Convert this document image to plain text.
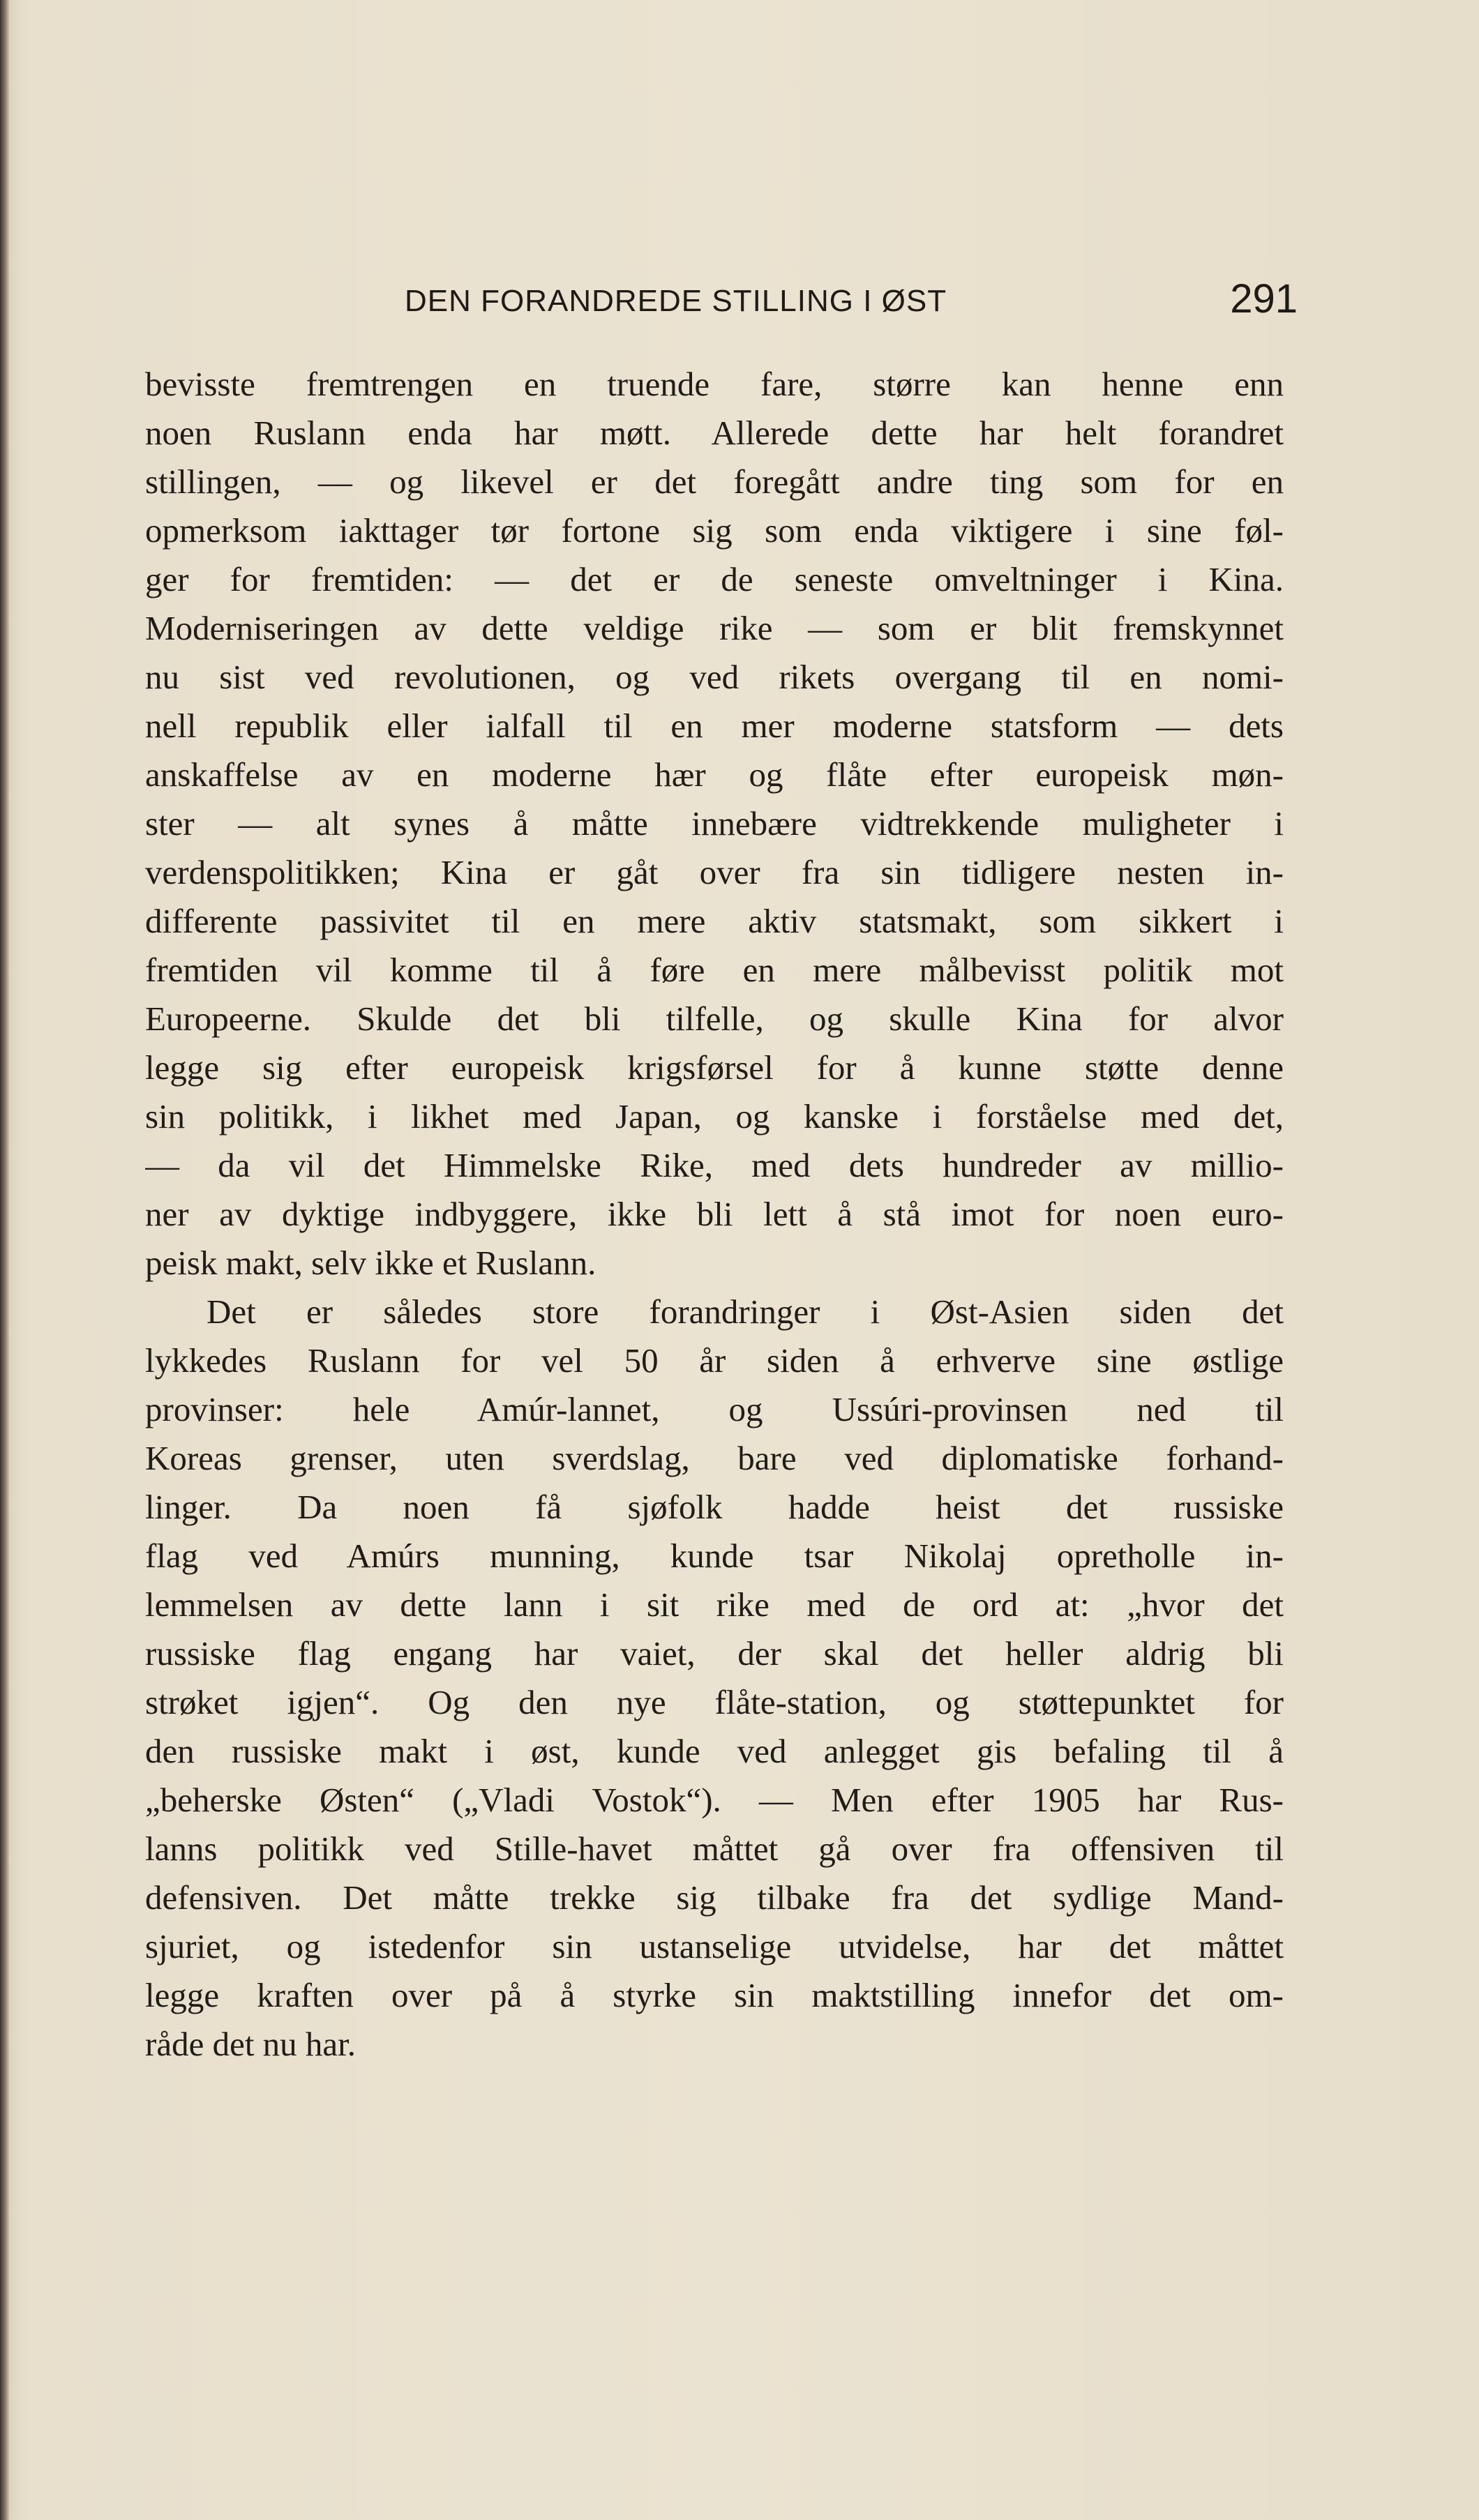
DEN FORANDREDE STILLING I ØST	291
bevisste fremtrengen en truende fare, større kan henne enn
noen Ruslann enda har møtt. Allerede dette har helt forandret
stillingen, — og likevel er det foregått andre ting som for en
opmerksom iakttager tør fortone sig som enda viktigere i sine føl-
ger for fremtiden: — det er de seneste omveltninger i Kina.
Moderniseringen av dette veldige rike — som er blit fremskynnet
nu sist ved revolutionen, og ved rikets overgang til en nomi-
nell republik eller ialfall til en mer moderne statsform — dets
anskaffelse av en moderne hær og flåte efter europeisk møn-
ster — alt synes å måtte innebære vidtrekkende muligheter i
verdenspolitikken; Kina er gåt over fra sin tidligere nesten in-
differente passivitet til en mere aktiv statsmakt, som sikkert i
fremtiden vil komme til å føre en mere målbevisst politik mot
Europeerne. Skulde det bli tilfelle, og skulle Kina for alvor
legge sig efter europeisk krigsførsel for å kunne støtte denne
sin politikk, i likhet med Japan, og kanske i forståelse med det,
— da vil det Himmelske Rike, med dets hundreder av millio-
ner av dyktige indbyggere, ikke bli lett å stå imot for noen euro-
peisk makt, selv ikke et Ruslann.
Det er således store forandringer i Øst-Asien siden det
lykkedes Ruslann for vel 50 år siden å erhverve sine østlige
provinser: hele Amúr-lannet, og Ussúri-provinsen ned til
Koreas grenser, uten sverdslag, bare ved diplomatiske forhand-
linger. Da noen få sjøfolk hadde heist det russiske
flag ved Amúrs munning, kunde tsar Nikolaj opretholle in-
lemmelsen av dette lann i sit rike med de ord at: „hvor det
russiske flag engang har vaiet, der skal det heller aldrig bli
strøket igjen“. Og den nye flåte-station, og støttepunktet for
den russiske makt i øst, kunde ved anlegget gis befaling til å
„beherske Østen“ („Vladi Vostok“). — Men efter 1905 har Rus-
lanns politikk ved Stille-havet måttet gå over fra offensiven til
defensiven. Det måtte trekke sig tilbake fra det sydlige Mand-
sjuriet, og istedenfor sin ustanselige utvidelse, har det måttet
legge kraften over på å styrke sin maktstilling innefor det om-
råde det nu har.
